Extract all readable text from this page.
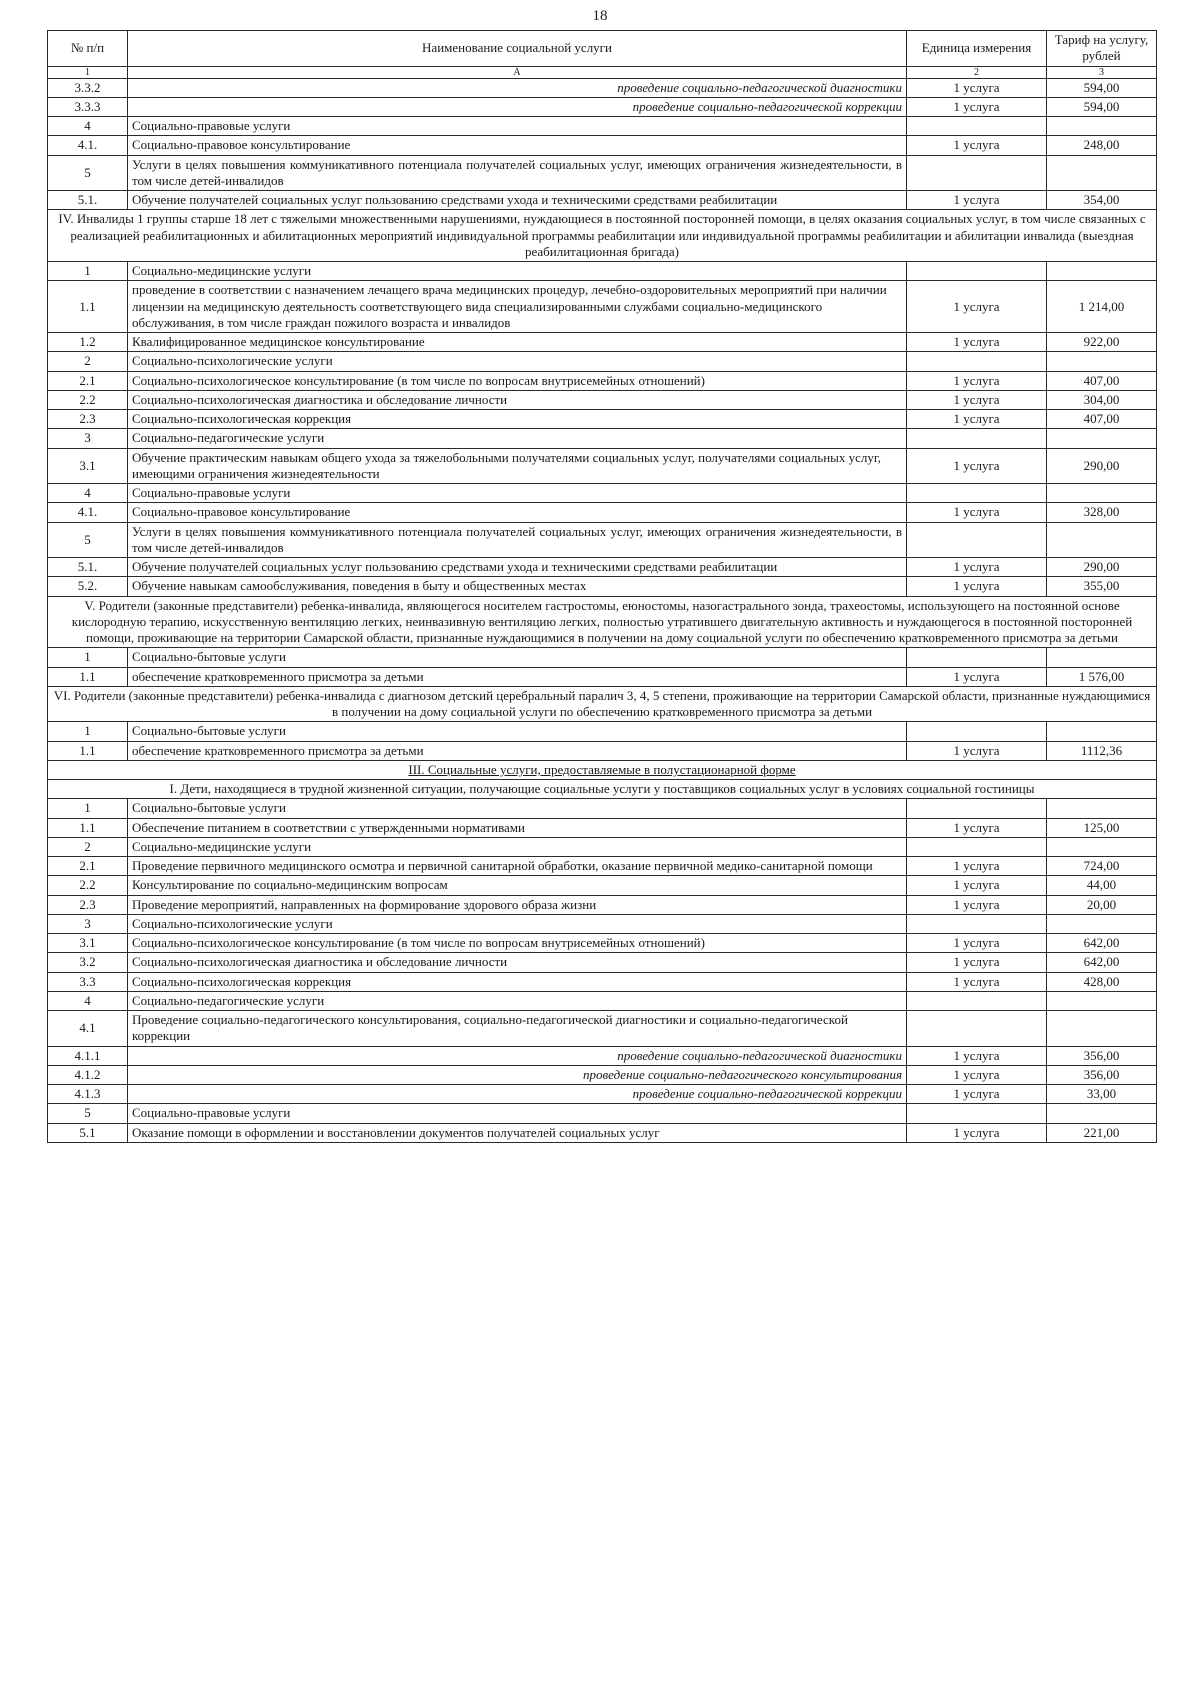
18
№ п/п	Наименование социальной услуги	Единица измерения	Тариф на услугу, рублей
1	А	2	3
3.3.2	проведение социально-педагогической диагностики	1 услуга	594,00
3.3.3	проведение социально-педагогической коррекции	1 услуга	594,00
4	Социально-правовые услуги		
4.1.	Социально-правовое консультирование	1 услуга	248,00
5	Услуги в целях повышения коммуникативного потенциала получателей социальных услуг, имеющих ограничения жизнедеятельности, в том числе детей-инвалидов		
5.1.	Обучение получателей социальных услуг пользованию средствами ухода и техническими средствами реабилитации	1 услуга	354,00
IV. Инвалиды 1 группы старше 18 лет с тяжелыми множественными нарушениями, нуждающиеся в постоянной посторонней помощи, в целях оказания социальных услуг, в том числе связанных с реализацией реабилитационных и абилитационных мероприятий индивидуальной программы реабилитации или индивидуальной программы реабилитации и абилитации инвалида (выездная реабилитационная бригада)			
1	Социально-медицинские услуги		
1.1	проведение в соответствии с назначением лечащего врача медицинских процедур, лечебно-оздоровительных мероприятий при наличии лицензии на медицинскую деятельность соответствующего вида специализированными службами социально-медицинского обслуживания, в том числе граждан пожилого возраста и инвалидов	1 услуга	1 214,00
1.2	Квалифицированное медицинское консультирование	1 услуга	922,00
2	Социально-психологические услуги		
2.1	Социально-психологическое консультирование (в том числе по вопросам внутрисемейных отношений)	1 услуга	407,00
2.2	Социально-психологическая диагностика и обследование личности	1 услуга	304,00
2.3	Социально-психологическая коррекция	1 услуга	407,00
3	Социально-педагогические услуги		
3.1	Обучение практическим навыкам общего ухода за тяжелобольными получателями социальных услуг, получателями социальных услуг, имеющими ограничения жизнедеятельности	1 услуга	290,00
4	Социально-правовые услуги		
4.1.	Социально-правовое консультирование	1 услуга	328,00
5	Услуги в целях повышения коммуникативного потенциала получателей социальных услуг, имеющих ограничения жизнедеятельности, в том числе детей-инвалидов		
5.1.	Обучение получателей социальных услуг пользованию средствами ухода и техническими средствами реабилитации	1 услуга	290,00
5.2.	Обучение навыкам самообслуживания, поведения в быту и общественных местах	1 услуга	355,00
V. Родители (законные представители) ребенка-инвалида, являющегося носителем гастростомы, еюностомы, назогастрального зонда, трахеостомы, использующего на постоянной основе кислородную терапию, искусственную вентиляцию легких, неинвазивную вентиляцию легких, полностью утратившего двигательную активность и нуждающегося в постоянной посторонней помощи, проживающие на территории Самарской области, признанные нуждающимися в получении на дому социальной услуги по обеспечению кратковременного присмотра за детьми			
1	Социально-бытовые услуги		
1.1	обеспечение кратковременного присмотра за детьми	1 услуга	1 576,00
VI. Родители (законные представители) ребенка-инвалида с диагнозом детский церебральный паралич 3, 4, 5 степени, проживающие на территории Самарской области, признанные нуждающимися в получении на дому социальной услуги по обеспечению кратковременного присмотра за детьми			
1	Социально-бытовые услуги		
1.1	обеспечение кратковременного присмотра за детьми	1 услуга	1112,36
III. Социальные услуги, предоставляемые в полустационарной форме			
I. Дети, находящиеся в трудной жизненной ситуации, получающие социальные услуги у поставщиков социальных услуг в условиях социальной гостиницы			
1	Социально-бытовые услуги		
1.1	Обеспечение питанием в соответствии с утвержденными нормативами	1 услуга	125,00
2	Социально-медицинские услуги		
2.1	Проведение первичного медицинского осмотра и первичной санитарной обработки, оказание первичной медико-санитарной помощи	1 услуга	724,00
2.2	Консультирование по социально-медицинским вопросам	1 услуга	44,00
2.3	Проведение мероприятий, направленных на формирование здорового образа жизни	1 услуга	20,00
3	Социально-психологические услуги		
3.1	Социально-психологическое консультирование (в том числе по вопросам внутрисемейных отношений)	1 услуга	642,00
3.2	Социально-психологическая диагностика и обследование личности	1 услуга	642,00
3.3	Социально-психологическая коррекция	1 услуга	428,00
4	Социально-педагогические услуги		
4.1	Проведение социально-педагогического консультирования, социально-педагогической диагностики и социально-педагогической коррекции		
4.1.1	проведение социально-педагогической диагностики	1 услуга	356,00
4.1.2	проведение социально-педагогического консультирования	1 услуга	356,00
4.1.3	проведение социально-педагогической коррекции	1 услуга	33,00
5	Социально-правовые услуги		
5.1	Оказание помощи в оформлении и восстановлении документов получателей социальных услуг	1 услуга	221,00
